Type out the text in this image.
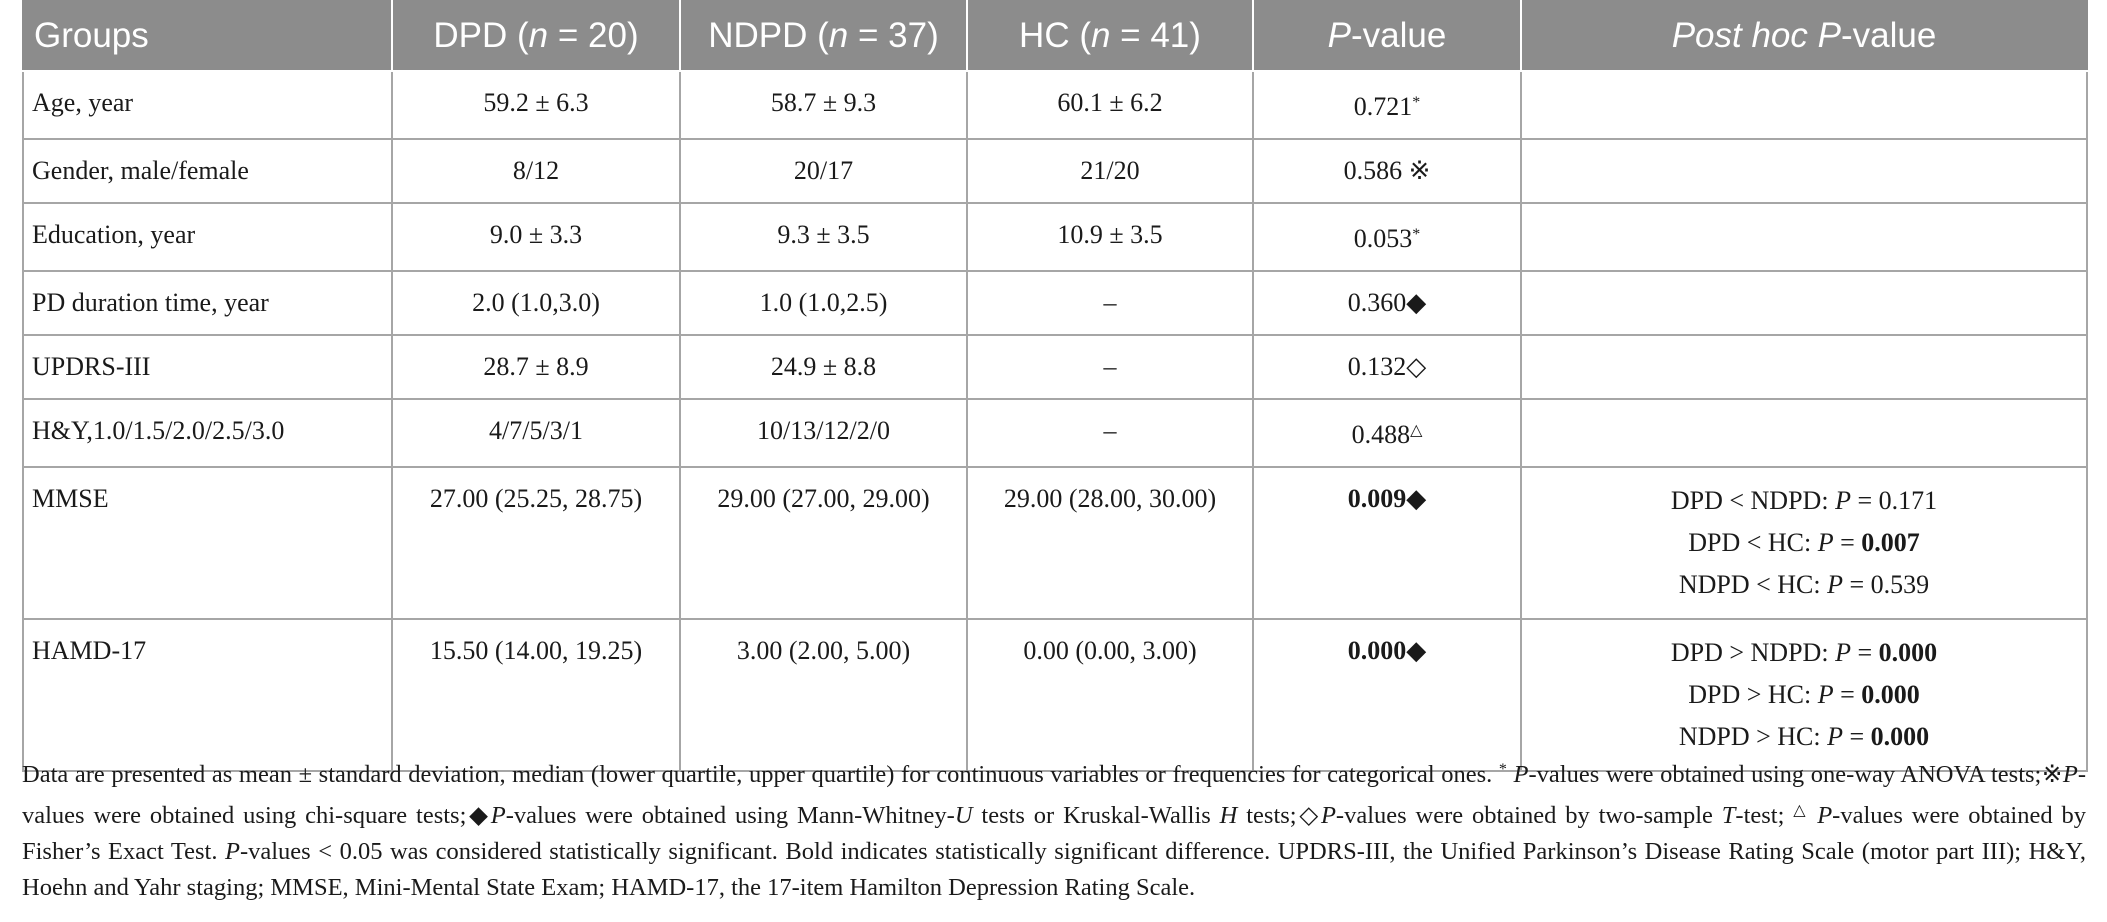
Groups	DPD (n = 20)	NDPD (n = 37)	HC (n = 41)	P-value	Post hoc P-value
Age, year	59.2 ± 6.3	58.7 ± 9.3	60.1 ± 6.2	0.721*	
Gender, male/female	8/12	20/17	21/20	0.586 ※	
Education, year	9.0 ± 3.3	9.3 ± 3.5	10.9 ± 3.5	0.053*	
PD duration time, year	2.0 (1.0,3.0)	1.0 (1.0,2.5)	–	0.360◆	
UPDRS-III	28.7 ± 8.9	24.9 ± 8.8	–	0.132◇	
H&Y,1.0/1.5/2.0/2.5/3.0	4/7/5/3/1	10/13/12/2/0	–	0.488△	
MMSE	27.00 (25.25, 28.75)	29.00 (27.00, 29.00)	29.00 (28.00, 30.00)	0.009◆	DPD < NDPD: P = 0.171
DPD < HC: P = 0.007
NDPD < HC: P = 0.539

HAMD-17	15.50 (14.00, 19.25)	3.00 (2.00, 5.00)	0.00 (0.00, 3.00)	0.000◆	DPD > NDPD: P = 0.000
DPD > HC: P = 0.000
NDPD > HC: P = 0.000
Data are presented as mean ± standard deviation, median (lower quartile, upper quartile) for continuous variables or frequencies for categorical ones. * P-values were obtained using one-way ANOVA tests;※P-values were obtained using chi-square tests;◆P-values were obtained using Mann-Whitney-U tests or Kruskal-Wallis H tests;◇P-values were obtained by two-sample T-test; △ P-values were obtained by Fisher’s Exact Test. P-values < 0.05 was considered statistically significant. Bold indicates statistically significant difference. UPDRS-III, the Unified Parkinson’s Disease Rating Scale (motor part III); H&Y, Hoehn and Yahr staging; MMSE, Mini-Mental State Exam; HAMD-17, the 17-item Hamilton Depression Rating Scale.
